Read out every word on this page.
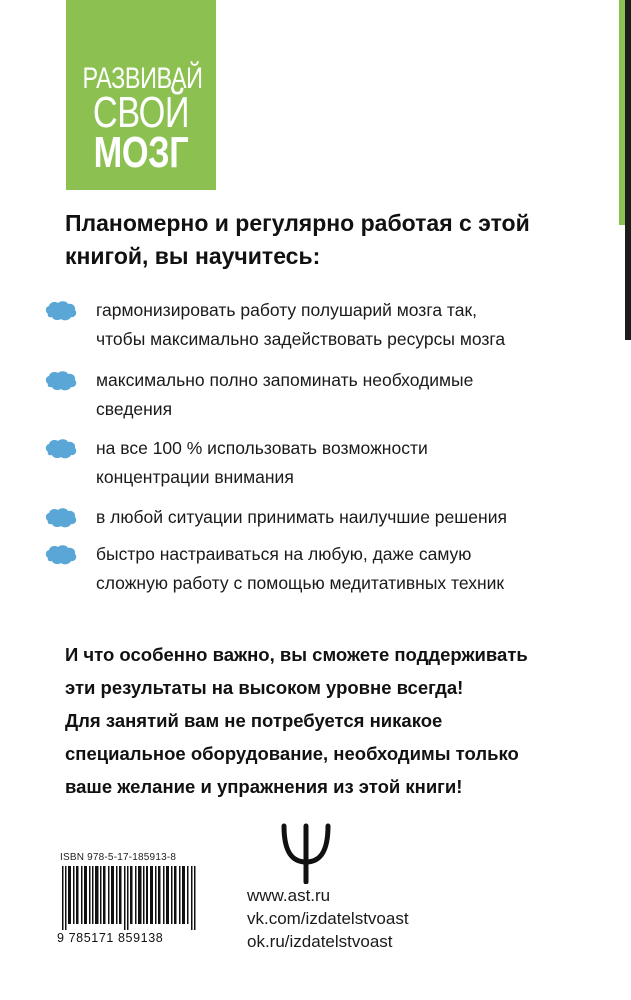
РАЗВИВАЙ
СВОЙ
МОЗГ
Планомерно и регулярно работая с этой
книгой, вы научитесь:
гармонизировать работу полушарий мозга так,
чтобы максимально задействовать ресурсы мозга
максимально полно запоминать необходимые
сведения
на все 100 % использовать возможности
концентрации внимания
в любой ситуации принимать наилучшие решения
быстро настраиваться на любую, даже самую
сложную работу с помощью медитативных техник
И что особенно важно, вы сможете поддерживать
эти результаты на высоком уровне всегда!
Для занятий вам не потребуется никакое
специальное оборудование, необходимы только
ваше желание и упражнения из этой книги!
ISBN 978-5-17-185913-8
9 785171 859138
www.ast.ru
vk.com/izdatelstvoast
ok.ru/izdatelstvoast
